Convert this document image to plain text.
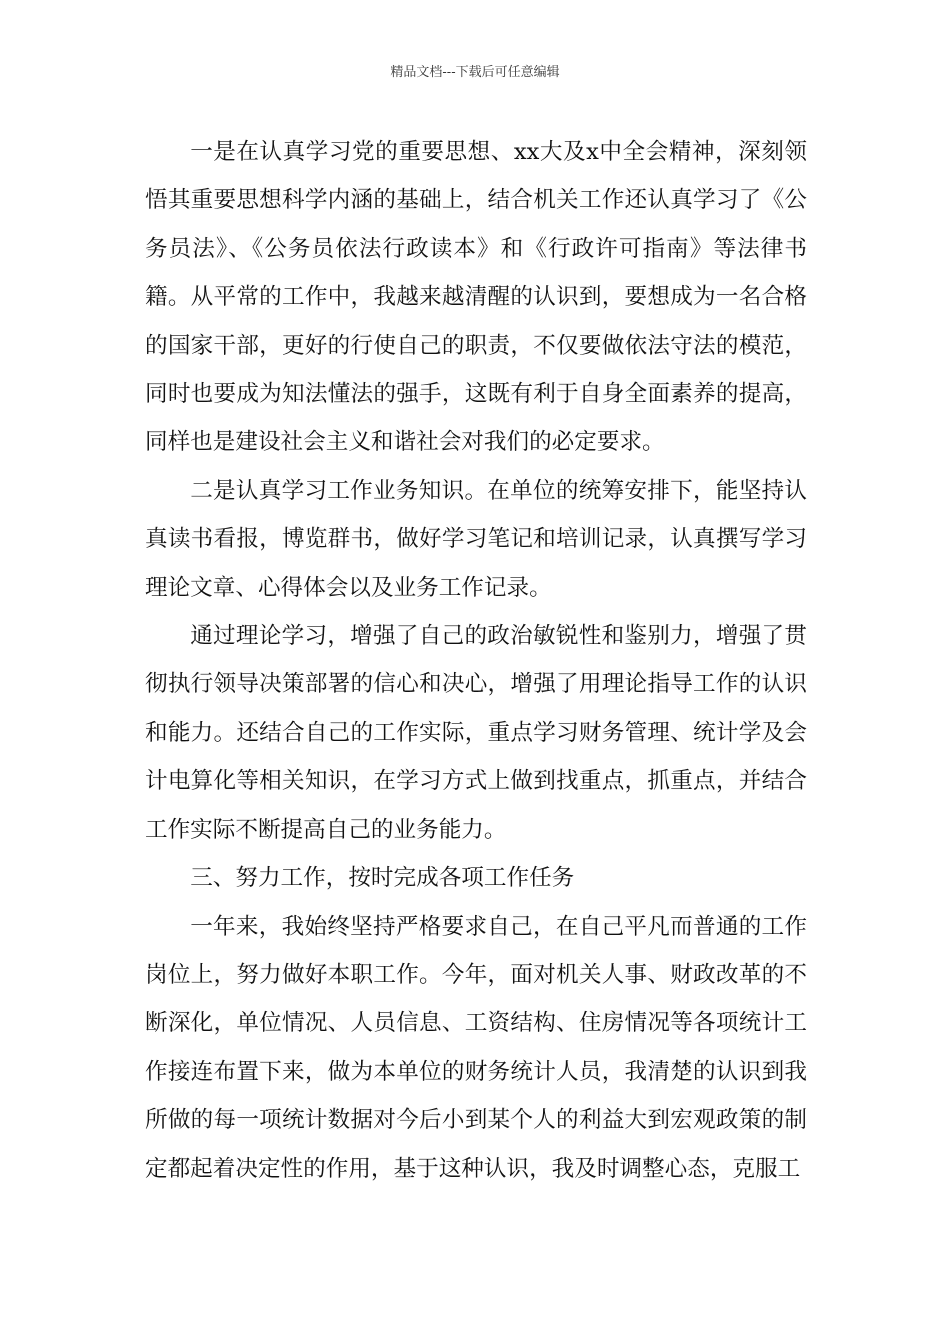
精品文档---下载后可任意编辑

一是在认真学习党的重要思想、xx大及x中全会精神，深刻领悟其重要思想科学内涵的基础上，结合机关工作还认真学习了《公务员法》、《公务员依法行政读本》和《行政许可指南》等法律书籍。从平常的工作中，我越来越清醒的认识到，要想成为一名合格的国家干部，更好的行使自己的职责，不仅要做依法守法的模范，同时也要成为知法懂法的强手，这既有利于自身全面素养的提高，同样也是建设社会主义和谐社会对我们的必定要求。

二是认真学习工作业务知识。在单位的统筹安排下，能坚持认真读书看报，博览群书，做好学习笔记和培训记录，认真撰写学习理论文章、心得体会以及业务工作记录。

通过理论学习，增强了自己的政治敏锐性和鉴别力，增强了贯彻执行领导决策部署的信心和决心，增强了用理论指导工作的认识和能力。还结合自己的工作实际，重点学习财务管理、统计学及会计电算化等相关知识，在学习方式上做到找重点，抓重点，并结合工作实际不断提高自己的业务能力。

三、努力工作，按时完成各项工作任务

一年来，我始终坚持严格要求自己，在自己平凡而普通的工作岗位上，努力做好本职工作。今年，面对机关人事、财政改革的不断深化，单位情况、人员信息、工资结构、住房情况等各项统计工作接连布置下来，做为本单位的财务统计人员，我清楚的认识到我所做的每一项统计数据对今后小到某个人的利益大到宏观政策的制定都起着决定性的作用，基于这种认识，我及时调整心态，克服工
